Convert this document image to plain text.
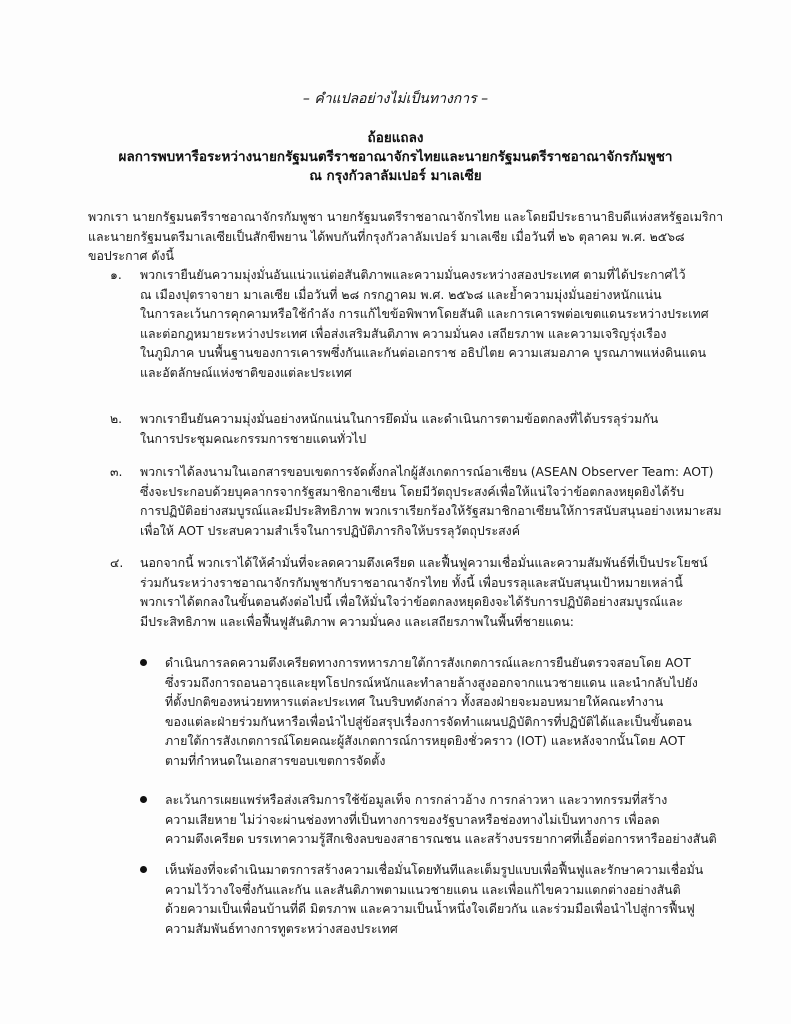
– คำแปลอย่างไม่เป็นทางการ –
ถ้อยแถลง
ผลการพบหารือระหว่างนายกรัฐมนตรีราชอาณาจักรไทยและนายกรัฐมนตรีราชอาณาจักรกัมพูชา
ณ กรุงกัวลาลัมเปอร์ มาเลเซีย
พวกเรา นายกรัฐมนตรีราชอาณาจักรกัมพูชา นายกรัฐมนตรีราชอาณาจักรไทย และโดยมีประธานาธิบดีแห่งสหรัฐอเมริกา
และนายกรัฐมนตรีมาเลเซียเป็นสักขีพยาน ได้พบกันที่กรุงกัวลาลัมเปอร์ มาเลเซีย เมื่อวันที่ ๒๖ ตุลาคม พ.ศ. ๒๕๖๘
ขอประกาศ ดังนี้
๑.	พวกเรายืนยันความมุ่งมั่นอันแน่วแน่ต่อสันติภาพและความมั่นคงระหว่างสองประเทศ ตามที่ได้ประกาศไว้
ณ เมืองปุตราจายา มาเลเซีย เมื่อวันที่ ๒๘ กรกฎาคม พ.ศ. ๒๕๖๘ และย้ำความมุ่งมั่นอย่างหนักแน่น
ในการละเว้นการคุกคามหรือใช้กำลัง การแก้ไขข้อพิพาทโดยสันติ และการเคารพต่อเขตแดนระหว่างประเทศ
และต่อกฎหมายระหว่างประเทศ เพื่อส่งเสริมสันติภาพ ความมั่นคง เสถียรภาพ และความเจริญรุ่งเรือง
ในภูมิภาค บนพื้นฐานของการเคารพซึ่งกันและกันต่อเอกราช อธิปไตย ความเสมอภาค บูรณภาพแห่งดินแดน
และอัตลักษณ์แห่งชาติของแต่ละประเทศ
๒.	พวกเรายืนยันความมุ่งมั่นอย่างหนักแน่นในการยึดมั่น และดำเนินการตามข้อตกลงที่ได้บรรลุร่วมกัน
ในการประชุมคณะกรรมการชายแดนทั่วไป
๓.	พวกเราได้ลงนามในเอกสารขอบเขตการจัดตั้งกลไกผู้สังเกตการณ์อาเซียน (ASEAN Observer Team: AOT)
ซึ่งจะประกอบด้วยบุคลากรจากรัฐสมาชิกอาเซียน โดยมีวัตถุประสงค์เพื่อให้แน่ใจว่าข้อตกลงหยุดยิงได้รับ
การปฏิบัติอย่างสมบูรณ์และมีประสิทธิภาพ พวกเราเรียกร้องให้รัฐสมาชิกอาเซียนให้การสนับสนุนอย่างเหมาะสม
เพื่อให้ AOT ประสบความสำเร็จในการปฏิบัติภารกิจให้บรรลุวัตถุประสงค์
๔.	นอกจากนี้ พวกเราได้ให้คำมั่นที่จะลดความตึงเครียด และฟื้นฟูความเชื่อมั่นและความสัมพันธ์ที่เป็นประโยชน์
ร่วมกันระหว่างราชอาณาจักรกัมพูชากับราชอาณาจักรไทย ทั้งนี้ เพื่อบรรลุและสนับสนุนเป้าหมายเหล่านี้
พวกเราได้ตกลงในขั้นตอนดังต่อไปนี้ เพื่อให้มั่นใจว่าข้อตกลงหยุดยิงจะได้รับการปฏิบัติอย่างสมบูรณ์และ
มีประสิทธิภาพ และเพื่อฟื้นฟูสันติภาพ ความมั่นคง และเสถียรภาพในพื้นที่ชายแดน:
ดำเนินการลดความตึงเครียดทางการทหารภายใต้การสังเกตการณ์และการยืนยันตรวจสอบโดย AOT
ซึ่งรวมถึงการถอนอาวุธและยุทโธปกรณ์หนักและทำลายล้างสูงออกจากแนวชายแดน และนำกลับไปยัง
ที่ตั้งปกติของหน่วยทหารแต่ละประเทศ ในบริบทดังกล่าว ทั้งสองฝ่ายจะมอบหมายให้คณะทำงาน
ของแต่ละฝ่ายร่วมกันหารือเพื่อนำไปสู่ข้อสรุปเรื่องการจัดทำแผนปฏิบัติการที่ปฏิบัติได้และเป็นขั้นตอน
ภายใต้การสังเกตการณ์โดยคณะผู้สังเกตการณ์การหยุดยิงชั่วคราว (IOT) และหลังจากนั้นโดย AOT
ตามที่กำหนดในเอกสารขอบเขตการจัดตั้ง
ละเว้นการเผยแพร่หรือส่งเสริมการใช้ข้อมูลเท็จ การกล่าวอ้าง การกล่าวหา และวาทกรรมที่สร้าง
ความเสียหาย ไม่ว่าจะผ่านช่องทางที่เป็นทางการของรัฐบาลหรือช่องทางไม่เป็นทางการ เพื่อลด
ความตึงเครียด บรรเทาความรู้สึกเชิงลบของสาธารณชน และสร้างบรรยากาศที่เอื้อต่อการหารืออย่างสันติ
เห็นพ้องที่จะดำเนินมาตรการสร้างความเชื่อมั่นโดยทันทีและเต็มรูปแบบเพื่อฟื้นฟูและรักษาความเชื่อมั่น
ความไว้วางใจซึ่งกันและกัน และสันติภาพตามแนวชายแดน และเพื่อแก้ไขความแตกต่างอย่างสันติ
ด้วยความเป็นเพื่อนบ้านที่ดี มิตรภาพ และความเป็นน้ำหนึ่งใจเดียวกัน และร่วมมือเพื่อนำไปสู่การฟื้นฟู
ความสัมพันธ์ทางการทูตระหว่างสองประเทศ
